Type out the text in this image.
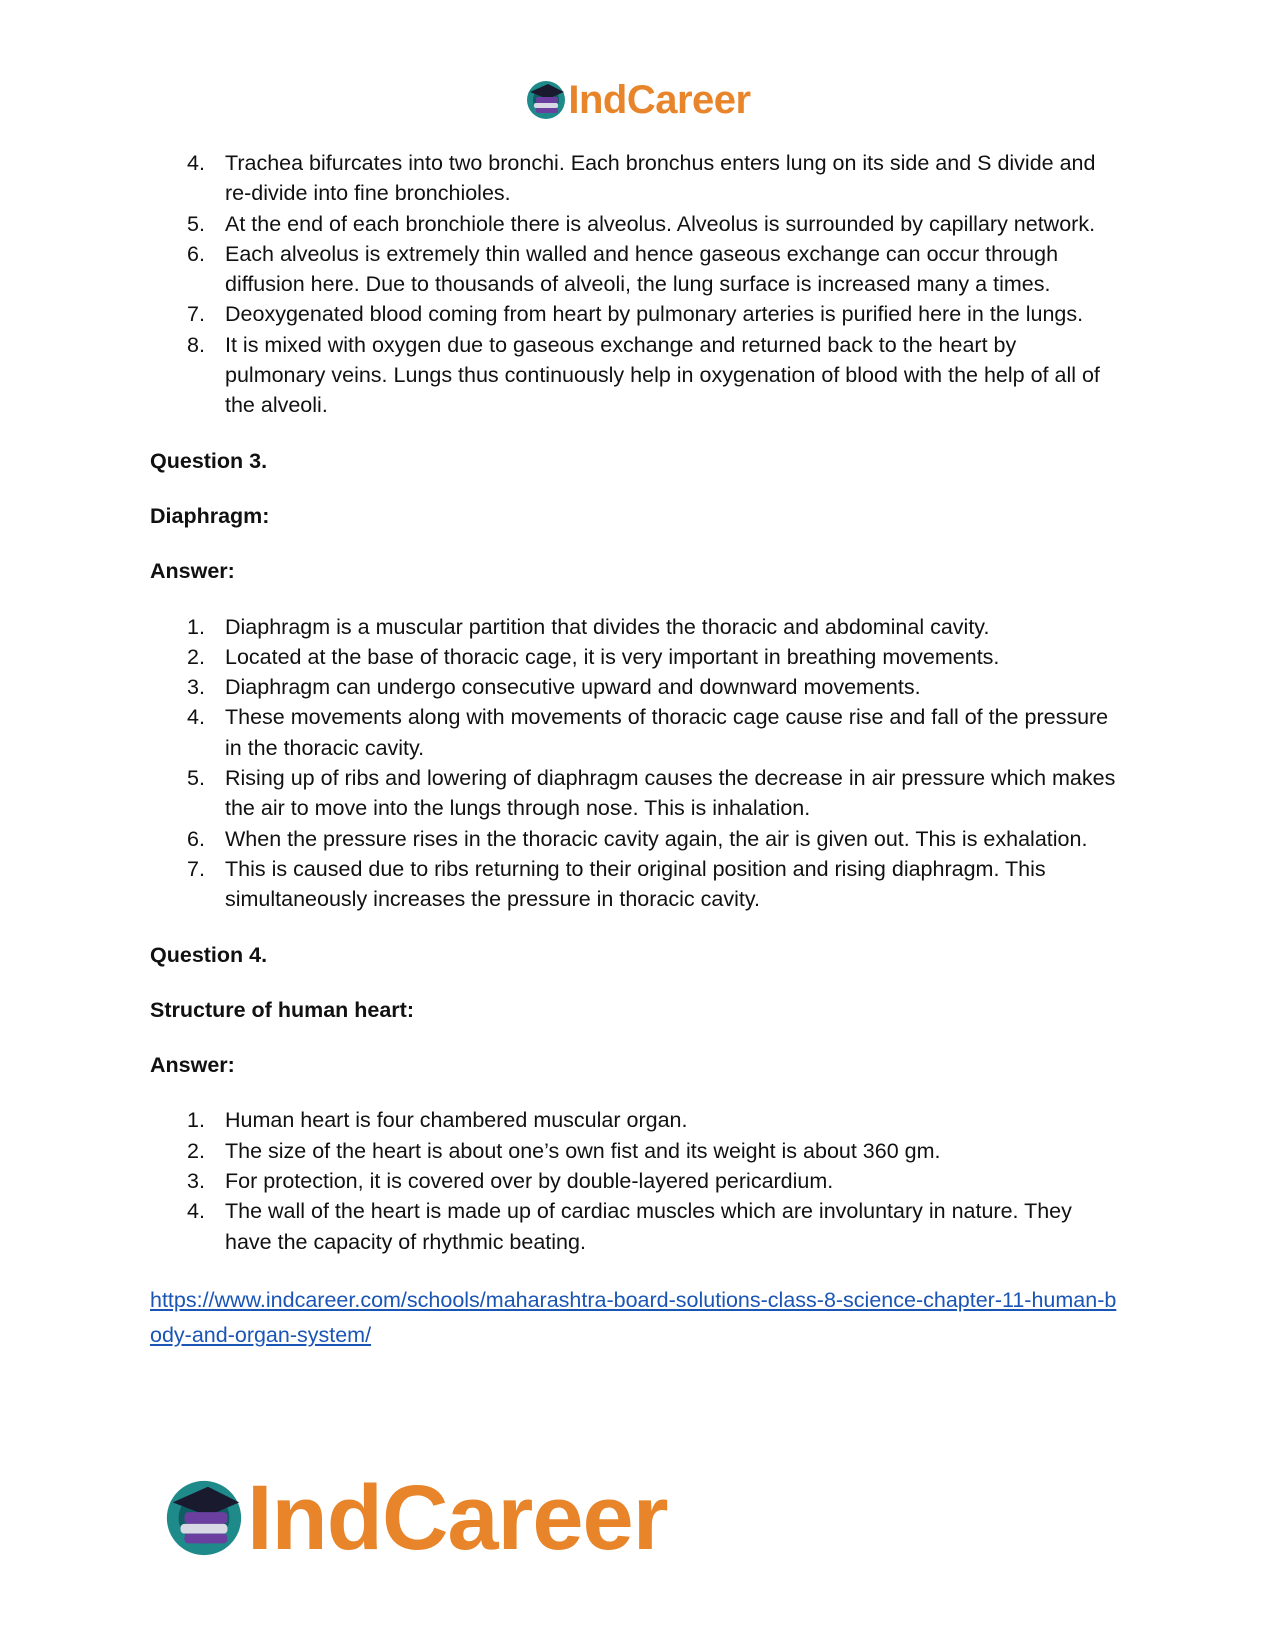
IndCareer
4. Trachea bifurcates into two bronchi. Each bronchus enters lung on its side and S divide and re-divide into fine bronchioles.
5. At the end of each bronchiole there is alveolus. Alveolus is surrounded by capillary network.
6. Each alveolus is extremely thin walled and hence gaseous exchange can occur through diffusion here. Due to thousands of alveoli, the lung surface is increased many a times.
7. Deoxygenated blood coming from heart by pulmonary arteries is purified here in the lungs.
8. It is mixed with oxygen due to gaseous exchange and returned back to the heart by pulmonary veins. Lungs thus continuously help in oxygenation of blood with the help of all of the alveoli.

Question 3.

Diaphragm:

Answer:

1. Diaphragm is a muscular partition that divides the thoracic and abdominal cavity.
2. Located at the base of thoracic cage, it is very important in breathing movements.
3. Diaphragm can undergo consecutive upward and downward movements.
4. These movements along with movements of thoracic cage cause rise and fall of the pressure in the thoracic cavity.
5. Rising up of ribs and lowering of diaphragm causes the decrease in air pressure which makes the air to move into the lungs through nose. This is inhalation.
6. When the pressure rises in the thoracic cavity again, the air is given out. This is exhalation.
7. This is caused due to ribs returning to their original position and rising diaphragm. This simultaneously increases the pressure in thoracic cavity.

Question 4.

Structure of human heart:

Answer:

1. Human heart is four chambered muscular organ.
2. The size of the heart is about one’s own fist and its weight is about 360 gm.
3. For protection, it is covered over by double-layered pericardium.
4. The wall of the heart is made up of cardiac muscles which are involuntary in nature. They have the capacity of rhythmic beating.
https://www.indcareer.com/schools/maharashtra-board-solutions-class-8-science-chapter-11-human-body-and-organ-system/
IndCareer
